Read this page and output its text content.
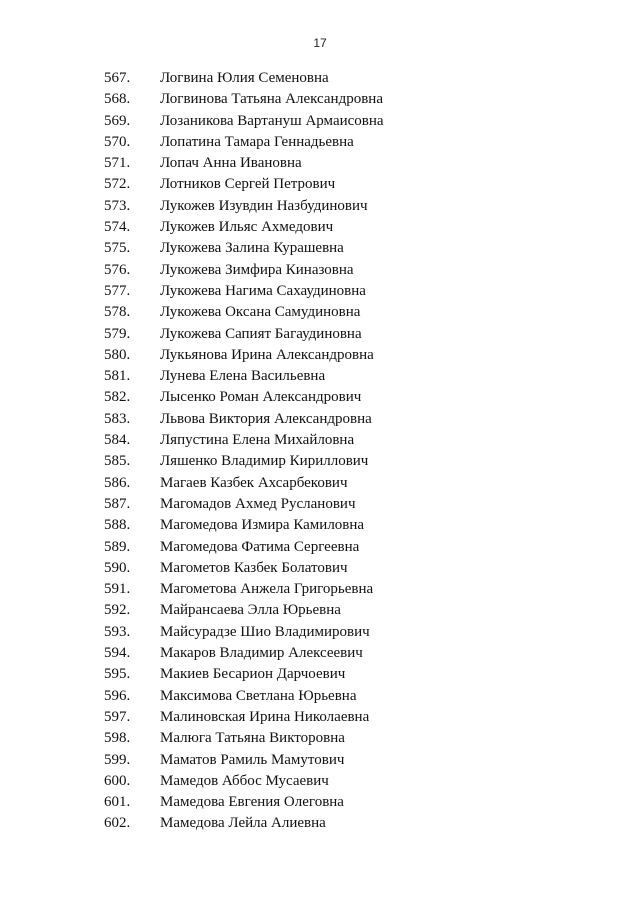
17
567.	Логвина Юлия Семеновна
568.	Логвинова Татьяна Александровна
569.	Лозаникова Вартануш Армаисовна
570.	Лопатина Тамара Геннадьевна
571.	Лопач Анна Ивановна
572.	Лотников Сергей Петрович
573.	Лукожев Изувдин Назбудинович
574.	Лукожев Ильяс Ахмедович
575.	Лукожева Залина Курашевна
576.	Лукожева Зимфира Киназовна
577.	Лукожева Нагима Сахаудиновна
578.	Лукожева Оксана Самудиновна
579.	Лукожева Сапият Багаудиновна
580.	Лукьянова Ирина Александровна
581.	Лунева Елена Васильевна
582.	Лысенко Роман Александрович
583.	Львова Виктория Александровна
584.	Ляпустина Елена Михайловна
585.	Ляшенко Владимир Кириллович
586.	Магаев Казбек Ахсарбекович
587.	Магомадов Ахмед Русланович
588.	Магомедова Измира Камиловна
589.	Магомедова Фатима Сергеевна
590.	Магометов Казбек Болатович
591.	Магометова Анжела Григорьевна
592.	Майрансаева Элла Юрьевна
593.	Майсурадзе Шио Владимирович
594.	Макаров Владимир Алексеевич
595.	Макиев Бесарион Дарчоевич
596.	Максимова Светлана Юрьевна
597.	Малиновская Ирина Николаевна
598.	Малюга Татьяна Викторовна
599.	Маматов Рамиль Мамутович
600.	Мамедов Аббос Мусаевич
601.	Мамедова Евгения Олеговна
602.	Мамедова Лейла Алиевна
